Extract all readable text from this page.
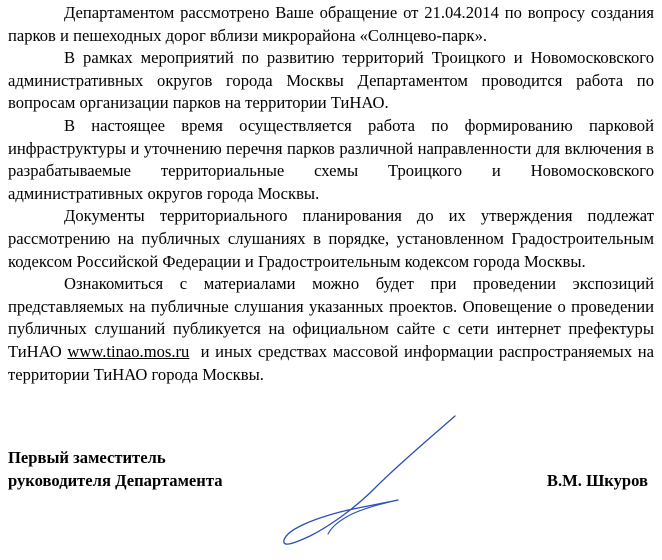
Департаментом рассмотрено Ваше обращение от 21.04.2014 по вопросу создания парков и пешеходных дорог вблизи микрорайона «Солнцево-парк».

В рамках мероприятий по развитию территорий Троицкого и Новомосковского административных округов города Москвы Департаментом проводится работа по вопросам организации парков на территории ТиНАО.

В настоящее время осуществляется работа по формированию парковой инфраструктуры и уточнению перечня парков различной направленности для включения в разрабатываемые территориальные схемы Троицкого и Новомосковского административных округов города Москвы.

Документы территориального планирования до их утверждения подлежат рассмотрению на публичных слушаниях в порядке, установленном Градостроительным кодексом Российской Федерации и Градостроительным кодексом города Москвы.

Ознакомиться с материалами можно будет при проведении экспозиций представляемых на публичные слушания указанных проектов. Оповещение о проведении публичных слушаний публикуется на официальном сайте с сети интернет префектуры ТиНАО www.tinao.mos.ru  и иных средствах массовой информации распространяемых на территории ТиНАО города Москвы.

Первый заместитель
руководителя Департамента	В.М. Шкуров
